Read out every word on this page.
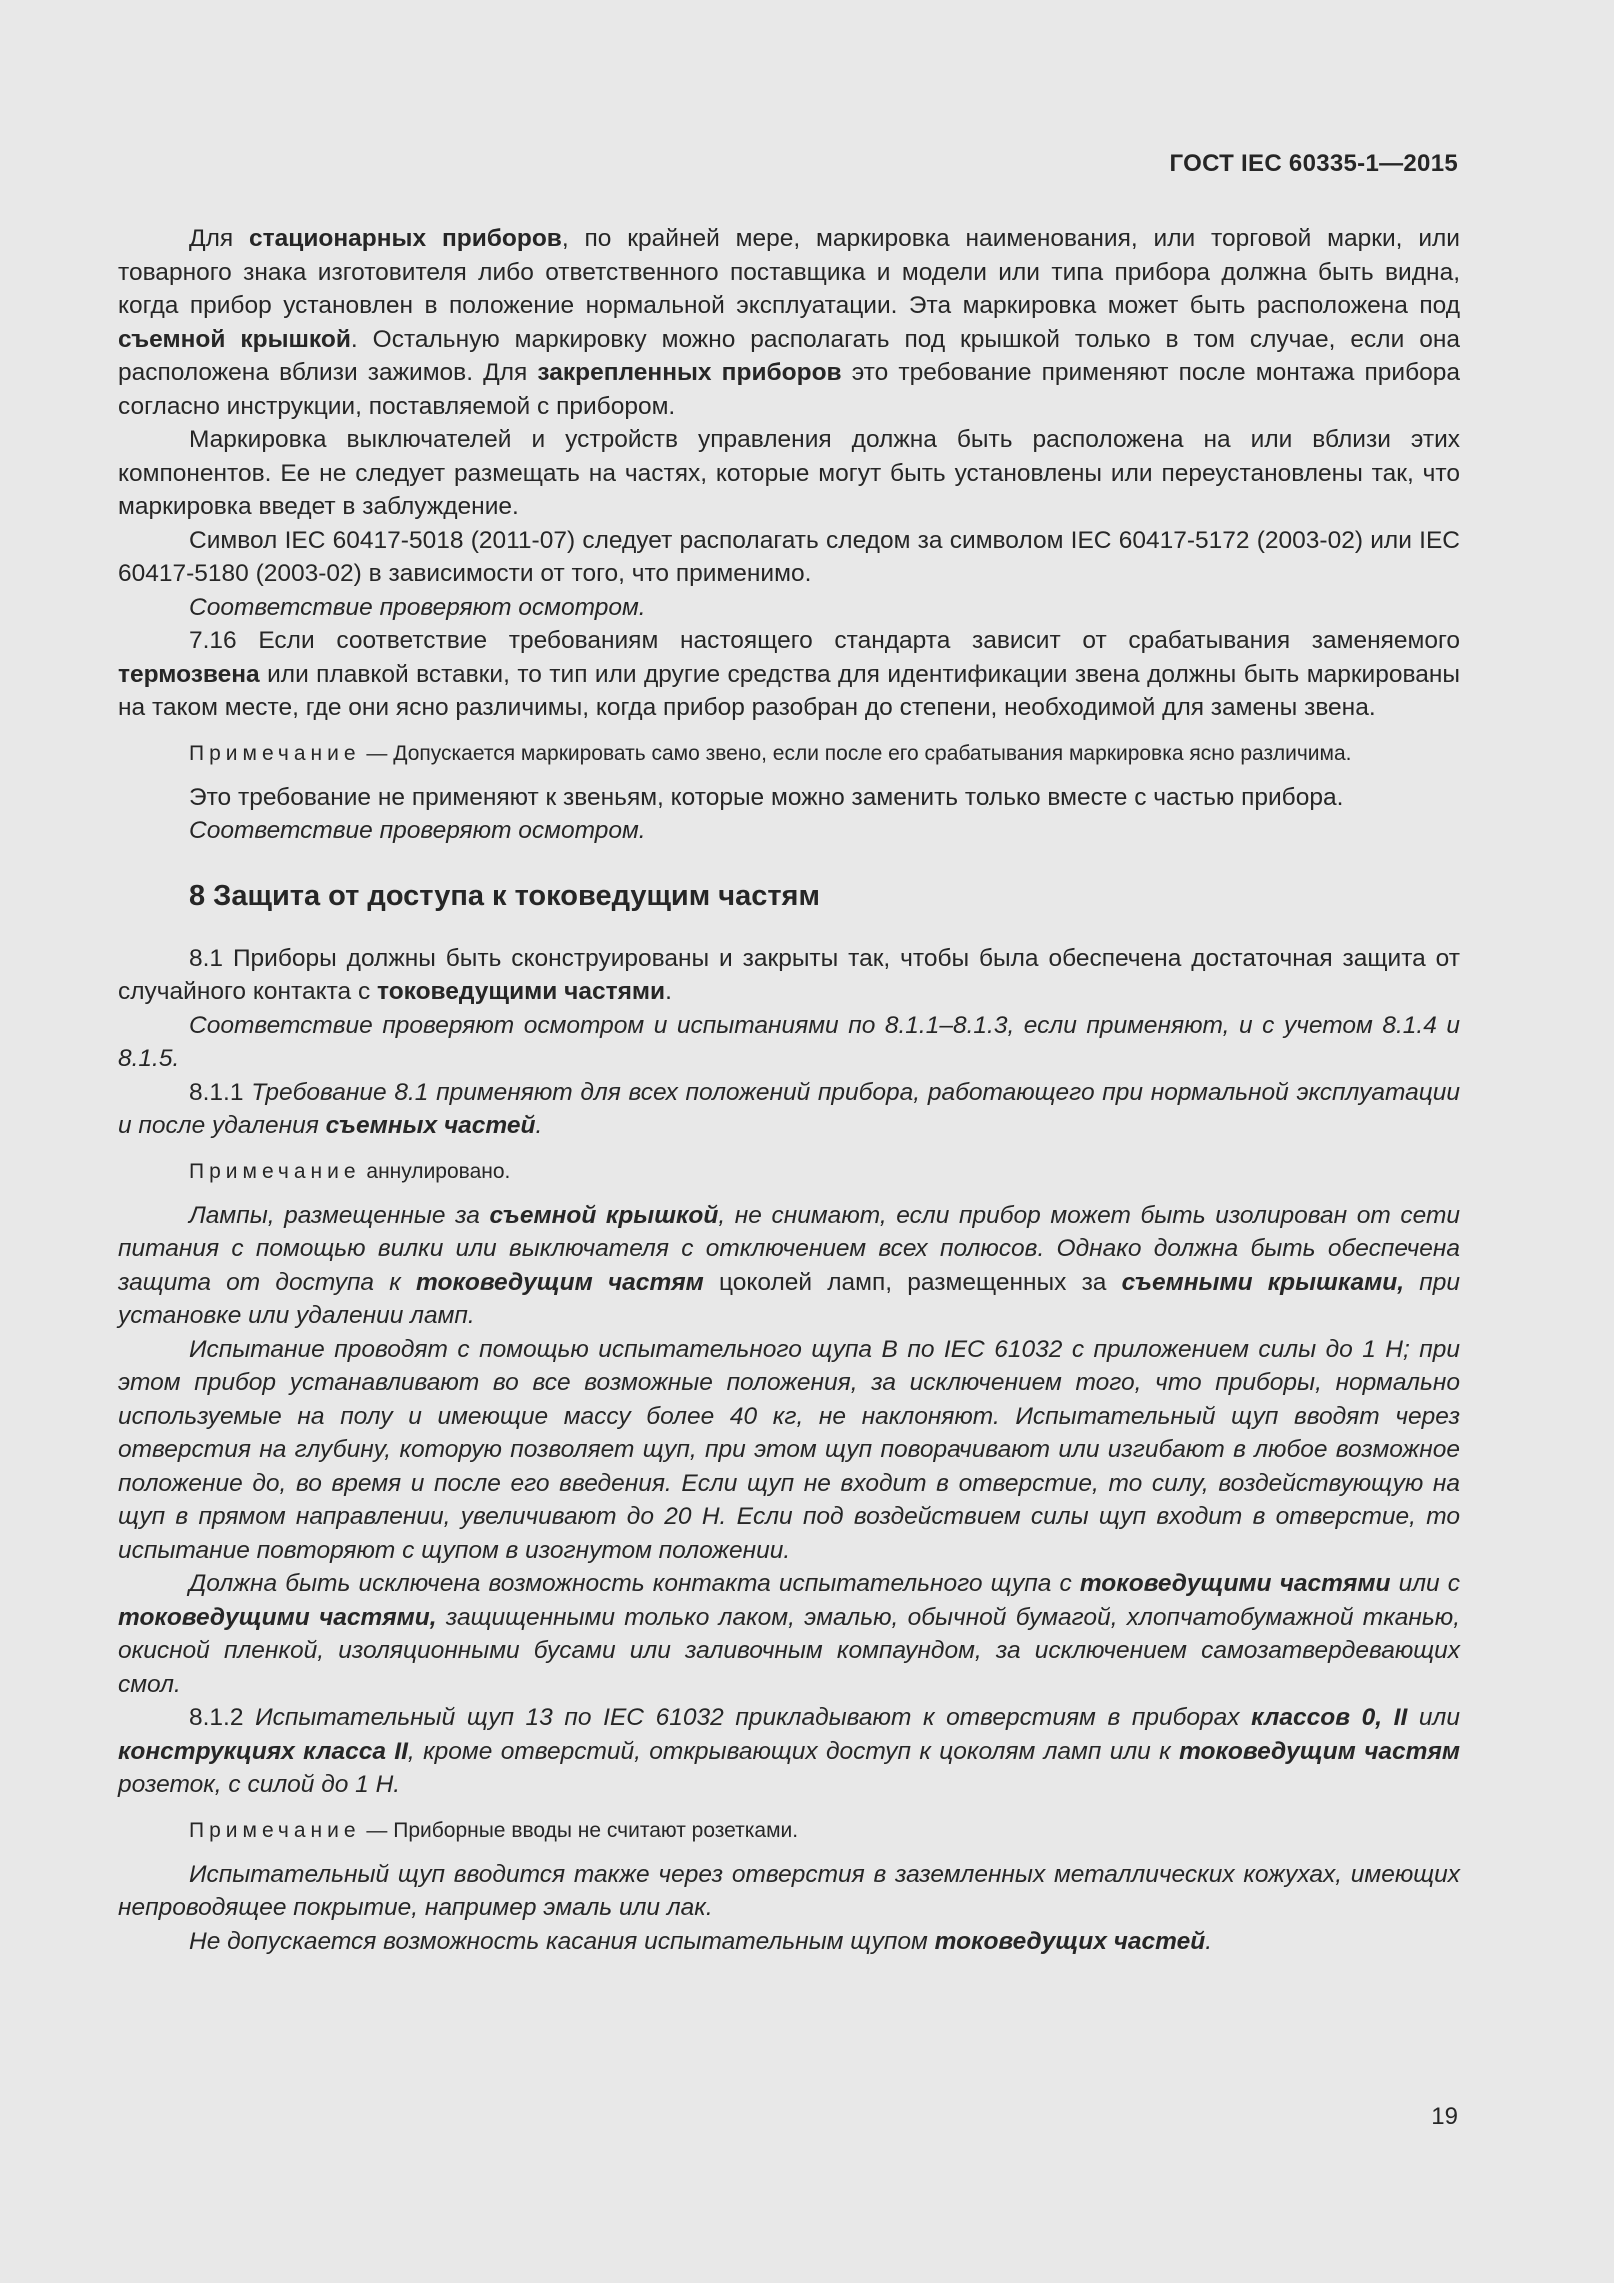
ГОСТ IEC 60335-1—2015

Для стационарных приборов, по крайней мере, маркировка наименования, или торговой марки, или товарного знака изготовителя либо ответственного поставщика и модели или типа прибора должна быть видна, когда прибор установлен в положение нормальной эксплуатации. Эта маркировка может быть расположена под съемной крышкой. Остальную маркировку можно располагать под крышкой только в том случае, если она расположена вблизи зажимов. Для закрепленных приборов это требование применяют после монтажа прибора согласно инструкции, поставляемой с прибором.

Маркировка выключателей и устройств управления должна быть расположена на или вблизи этих компонентов. Ее не следует размещать на частях, которые могут быть установлены или переустановлены так, что маркировка введет в заблуждение.

Символ IEC 60417-5018 (2011-07) следует располагать следом за символом IEC 60417-5172 (2003-02) или IEC 60417-5180 (2003-02) в зависимости от того, что применимо.

Соответствие проверяют осмотром.

7.16 Если соответствие требованиям настоящего стандарта зависит от срабатывания заменяемого термозвена или плавкой вставки, то тип или другие средства для идентификации звена должны быть маркированы на таком месте, где они ясно различимы, когда прибор разобран до степени, необходимой для замены звена.

Примечание — Допускается маркировать само звено, если после его срабатывания маркировка ясно различима.

Это требование не применяют к звеньям, которые можно заменить только вместе с частью прибора.

Соответствие проверяют осмотром.

8 Защита от доступа к токоведущим частям

8.1 Приборы должны быть сконструированы и закрыты так, чтобы была обеспечена достаточная защита от случайного контакта с токоведущими частями.

Соответствие проверяют осмотром и испытаниями по 8.1.1–8.1.3, если применяют, и с учетом 8.1.4 и 8.1.5.

8.1.1 Требование 8.1 применяют для всех положений прибора, работающего при нормальной эксплуатации и после удаления съемных частей.

Примечание аннулировано.

Лампы, размещенные за съемной крышкой, не снимают, если прибор может быть изолирован от сети питания с помощью вилки или выключателя с отключением всех полюсов. Однако должна быть обеспечена защита от доступа к токоведущим частям цоколей ламп, размещенных за съемными крышками, при установке или удалении ламп.

Испытание проводят с помощью испытательного щупа В по IEC 61032 с приложением силы до 1 Н; при этом прибор устанавливают во все возможные положения, за исключением того, что приборы, нормально используемые на полу и имеющие массу более 40 кг, не наклоняют. Испытательный щуп вводят через отверстия на глубину, которую позволяет щуп, при этом щуп поворачивают или изгибают в любое возможное положение до, во время и после его введения. Если щуп не входит в отверстие, то силу, воздействующую на щуп в прямом направлении, увеличивают до 20 Н. Если под воздействием силы щуп входит в отверстие, то испытание повторяют с щупом в изогнутом положении.

Должна быть исключена возможность контакта испытательного щупа с токоведущими частями или с токоведущими частями, защищенными только лаком, эмалью, обычной бумагой, хлопчатобумажной тканью, окисной пленкой, изоляционными бусами или заливочным компаундом, за исключением самозатвердевающих смол.

8.1.2 Испытательный щуп 13 по IEC 61032 прикладывают к отверстиям в приборах классов 0, II или конструкциях класса II, кроме отверстий, открывающих доступ к цоколям ламп или к токоведущим частям розеток, с силой до 1 Н.

Примечание — Приборные вводы не считают розетками.

Испытательный щуп вводится также через отверстия в заземленных металлических кожухах, имеющих непроводящее покрытие, например эмаль или лак.

Не допускается возможность касания испытательным щупом токоведущих частей.

19
